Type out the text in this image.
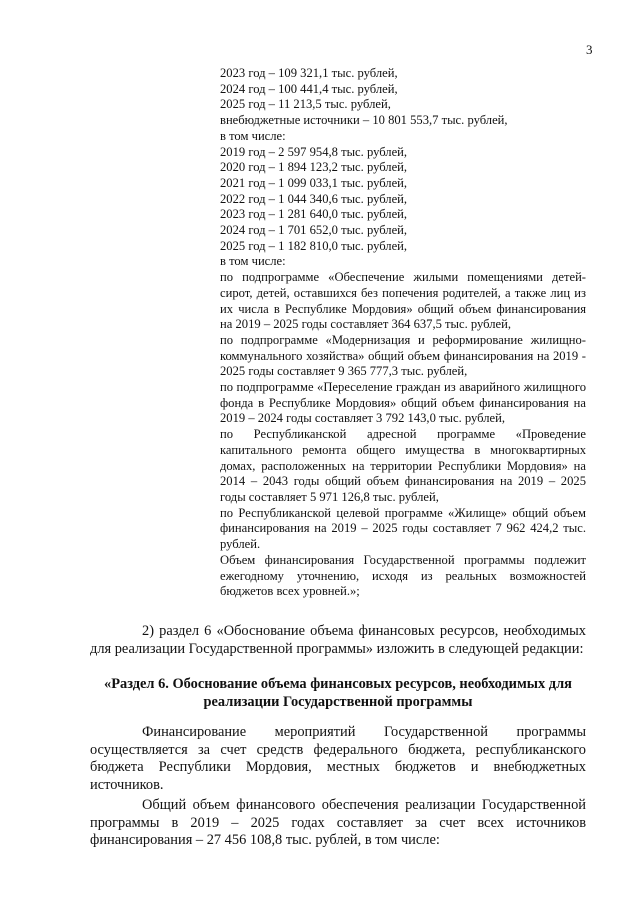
3
2023 год – 109 321,1 тыс. рублей,
2024 год – 100 441,4 тыс. рублей,
2025 год – 11 213,5 тыс. рублей,
внебюджетные источники – 10 801 553,7 тыс. рублей,
в том числе:
2019 год – 2 597 954,8 тыс. рублей,
2020 год – 1 894 123,2 тыс. рублей,
2021 год – 1 099 033,1 тыс. рублей,
2022 год – 1 044 340,6 тыс. рублей,
2023 год – 1 281 640,0 тыс. рублей,
2024 год – 1 701 652,0 тыс. рублей,
2025 год – 1 182 810,0 тыс. рублей,
в том числе:

по подпрограмме «Обеспечение жилыми помещениями детей-сирот, детей, оставшихся без попечения родителей, а также лиц из их числа в Республике Мордовия» общий объем финансирования на 2019 – 2025 годы составляет 364 637,5 тыс. рублей,

по подпрограмме «Модернизация и реформирование жилищно-коммунального хозяйства» общий объем финансирования на 2019 - 2025 годы составляет 9 365 777,3 тыс. рублей,

по подпрограмме «Переселение граждан из аварийного жилищного фонда в Республике Мордовия» общий объем финансирования на 2019 – 2024 годы составляет 3 792 143,0 тыс. рублей,

по Республиканской адресной программе «Проведение капитального ремонта общего имущества в многоквартирных домах, расположенных на территории Республики Мордовия» на 2014 – 2043 годы общий объем финансирования на 2019 – 2025 годы составляет 5 971 126,8 тыс. рублей,

по Республиканской целевой программе «Жилище» общий объем финансирования на 2019 – 2025 годы составляет 7 962 424,2 тыс. рублей.

Объем финансирования Государственной программы подлежит ежегодному уточнению, исходя из реальных возможностей бюджетов всех уровней.»;

2) раздел 6 «Обоснование объема финансовых ресурсов, необходимых для реализации Государственной программы» изложить в следующей редакции:

«Раздел 6. Обоснование объема финансовых ресурсов, необходимых для реализации Государственной программы

Финансирование мероприятий Государственной программы осуществляется за счет средств федерального бюджета, республиканского бюджета Республики Мордовия, местных бюджетов и внебюджетных источников.

Общий объем финансового обеспечения реализации Государственной программы в 2019 – 2025 годах составляет за счет всех источников финансирования – 27 456 108,8 тыс. рублей, в том числе:
